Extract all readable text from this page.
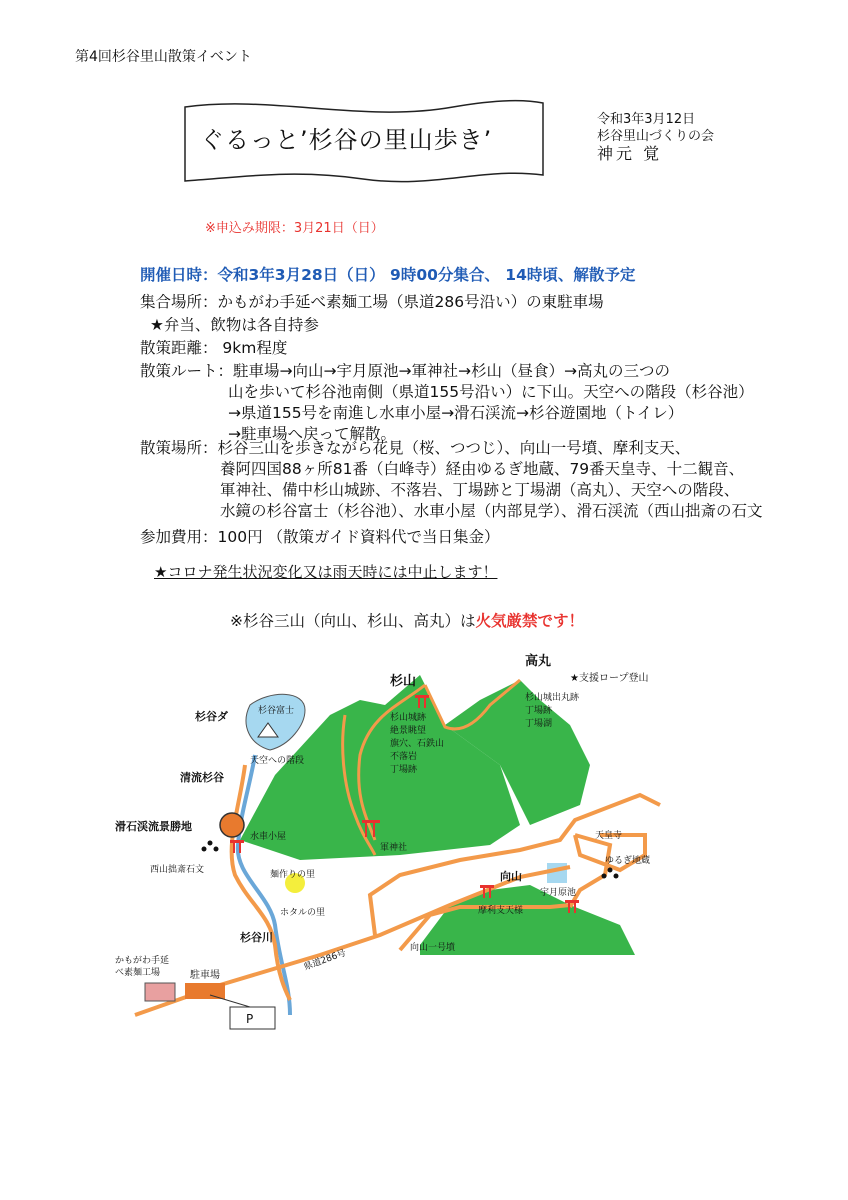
第4回杉谷里山散策イベント
ぐるっと’杉谷の里山歩き’
令和3年3月12日
杉谷里山づくりの会
神元 覚
※申込み期限：3月21日（日）
開催日時：令和3年3月28日（日） 9時00分集合、 14時頃、解散予定
集合場所：かもがわ手延べ素麺工場（県道286号沿い）の東駐車場
★弁当、飲物は各自持参
散策距離： 9km程度
散策ルート：駐車場→向山→宇月原池→軍神社→杉山（昼食）→高丸の三つの
山を歩いて杉谷池南側（県道155号沿い）に下山。天空への階段（杉谷池）
→県道155号を南進し水車小屋→滑石渓流→杉谷遊園地（トイレ）
→駐車場へ戻って解散。
散策場所：杉谷三山を歩きながら花見（桜、つつじ）、向山一号墳、摩利支天、
養阿四国88ヶ所81番（白峰寺）経由ゆるぎ地蔵、79番天皇寺、十二観音、
軍神社、備中杉山城跡、不落岩、丁場跡と丁場湖（高丸）、天空への階段、
水鏡の杉谷富士（杉谷池）、水車小屋（内部見学）、滑石渓流（西山拙斎の石文
参加費用：100円 （散策ガイド資料代で当日集金）
★コロナ発生状況変化又は雨天時には中止します！
※杉谷三山（向山、杉山、高丸）は火気厳禁です！
高丸
★支援ロープ登山
杉山城出丸跡
丁場跡
丁場湖
杉山
杉山城跡
絶景眺望
旗穴、石鉄山
不落岩
丁場跡
杉谷ダ	杉谷富士
天空への階段
清流杉谷
滑石渓流景勝地
水車小屋
西山拙斎石文	麺作りの里
ホタルの里
杉谷川
軍神社
天皇寺
ゆるぎ地蔵
宇月原池
向山
摩利支天様
向山一号墳
県道286号
かもがわ手延
べ素麺工場	駐車場
P
